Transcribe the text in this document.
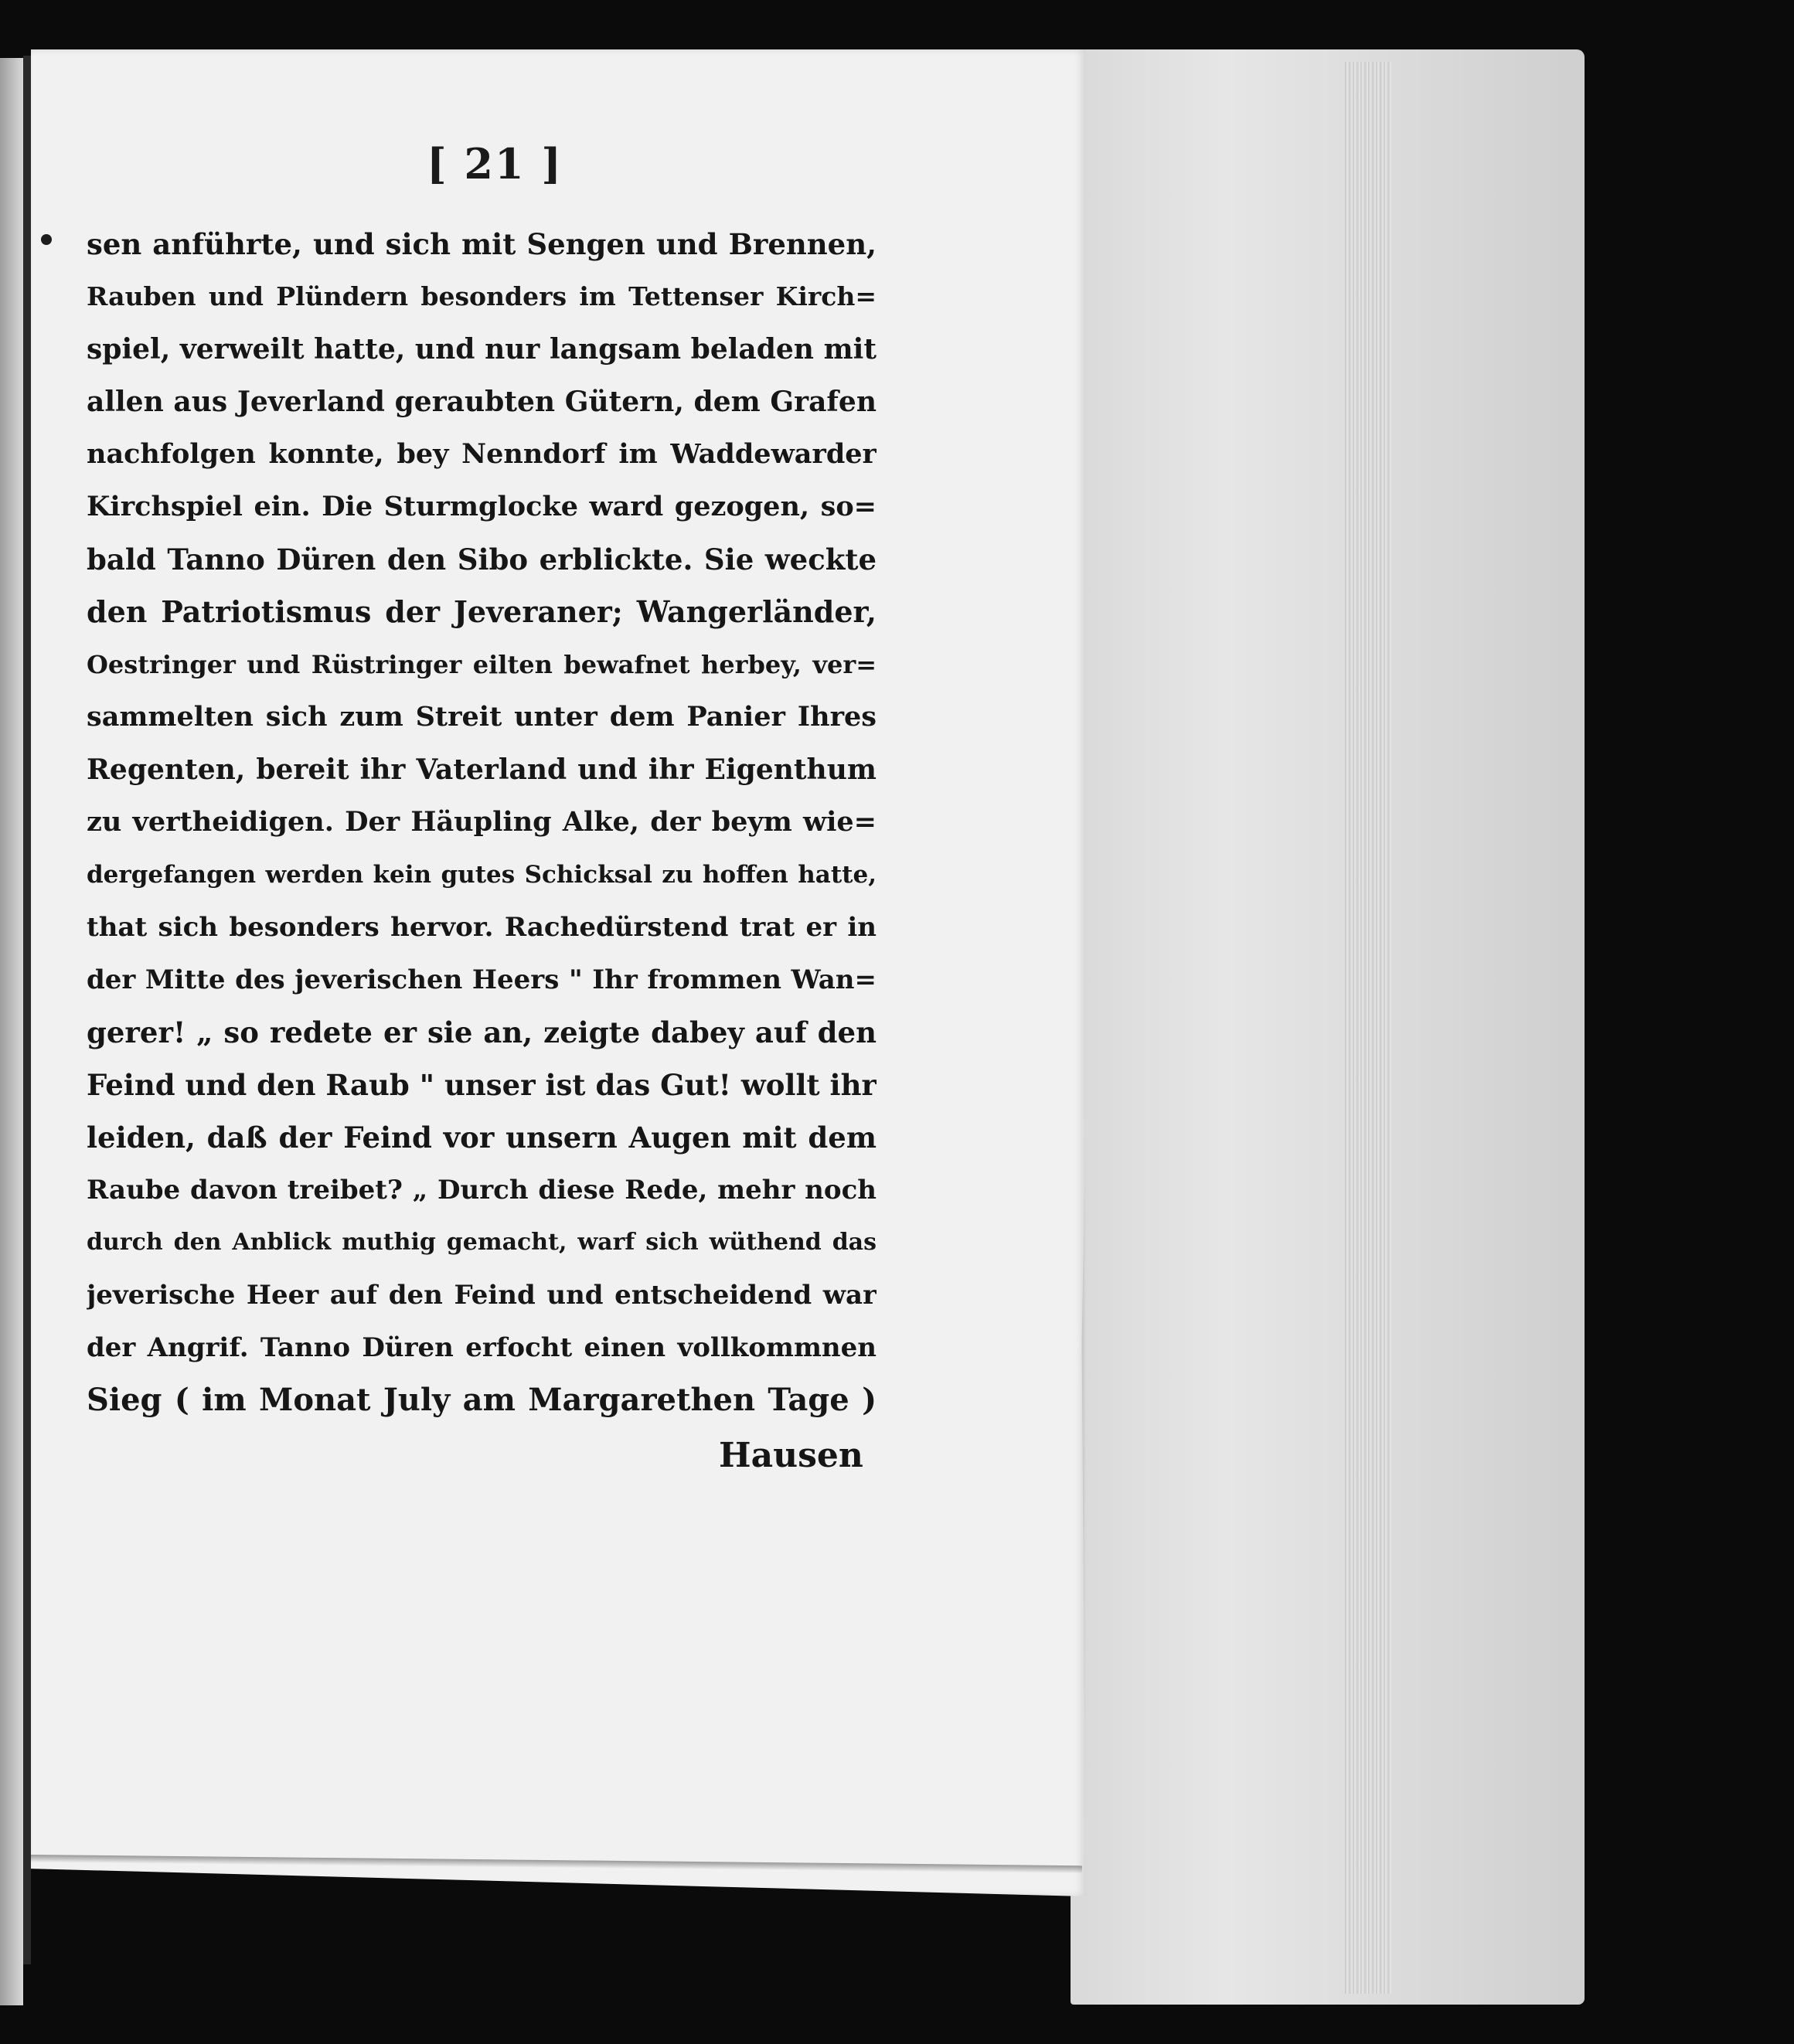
[ 21 ]
sen anführte, und sich mit Sengen und Brennen,
Rauben und Plündern besonders im Tettenser Kirch=
spiel, verweilt hatte, und nur langsam beladen mit
allen aus Jeverland geraubten Gütern, dem Grafen
nachfolgen konnte, bey Nenndorf im Waddewarder
Kirchspiel ein. Die Sturmglocke ward gezogen, so=
bald Tanno Düren den Sibo erblickte. Sie weckte
den Patriotismus der Jeveraner; Wangerländer,
Oestringer und Rüstringer eilten bewafnet herbey, ver=
sammelten sich zum Streit unter dem Panier Ihres
Regenten, bereit ihr Vaterland und ihr Eigenthum
zu vertheidigen. Der Häupling Alke, der beym wie=
dergefangen werden kein gutes Schicksal zu hoffen hatte,
that sich besonders hervor. Rachedürstend trat er in
der Mitte des jeverischen Heers " Ihr frommen Wan=
gerer! „ so redete er sie an, zeigte dabey auf den
Feind und den Raub " unser ist das Gut! wollt ihr
leiden, daß der Feind vor unsern Augen mit dem
Raube davon treibet? „ Durch diese Rede, mehr noch
durch den Anblick muthig gemacht, warf sich wüthend das
jeverische Heer auf den Feind und entscheidend war
der Angrif. Tanno Düren erfocht einen vollkommnen
Sieg ( im Monat July am Margarethen Tage )
Hausen
